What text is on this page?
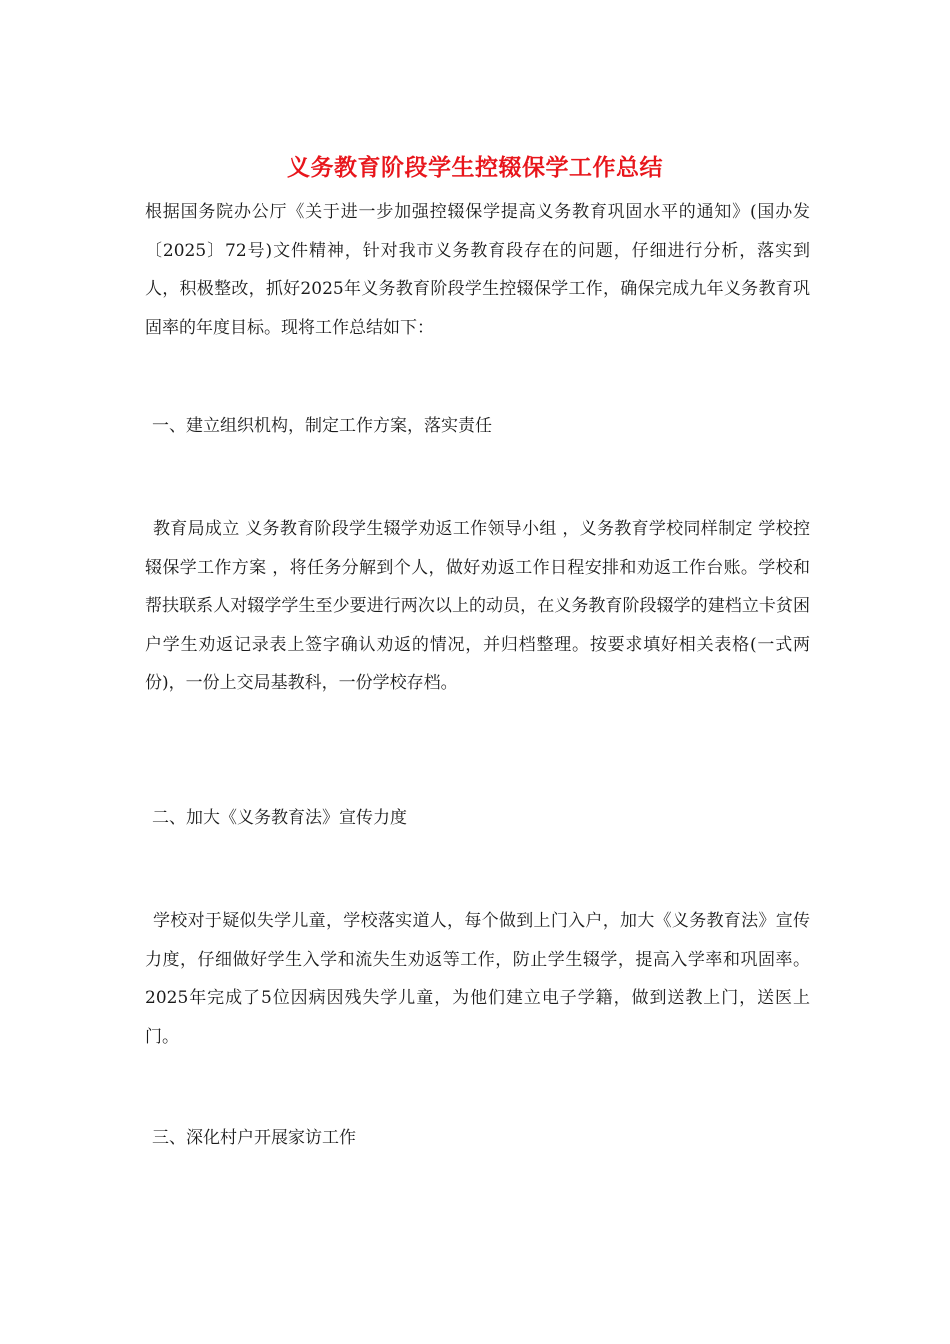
义务教育阶段学生控辍保学工作总结

根据国务院办公厅《关于进一步加强控辍保学提高义务教育巩固水平的通知》(国办发〔2025〕72号)文件精神，针对我市义务教育段存在的问题，仔细进行分析，落实到人，积极整改，抓好2025年义务教育阶段学生控辍保学工作，确保完成九年义务教育巩固率的年度目标。现将工作总结如下：

一、建立组织机构，制定工作方案，落实责任

教育局成立 义务教育阶段学生辍学劝返工作领导小组 ，义务教育学校同样制定 学校控辍保学工作方案 ，将任务分解到个人，做好劝返工作日程安排和劝返工作台账。学校和帮扶联系人对辍学学生至少要进行两次以上的动员，在义务教育阶段辍学的建档立卡贫困户学生劝返记录表上签字确认劝返的情况，并归档整理。按要求填好相关表格(一式两份)，一份上交局基教科，一份学校存档。

二、加大《义务教育法》宣传力度

学校对于疑似失学儿童，学校落实道人，每个做到上门入户，加大《义务教育法》宣传力度，仔细做好学生入学和流失生劝返等工作，防止学生辍学，提高入学率和巩固率。2025年完成了5位因病因残失学儿童，为他们建立电子学籍，做到送教上门，送医上门。

三、深化村户开展家访工作
